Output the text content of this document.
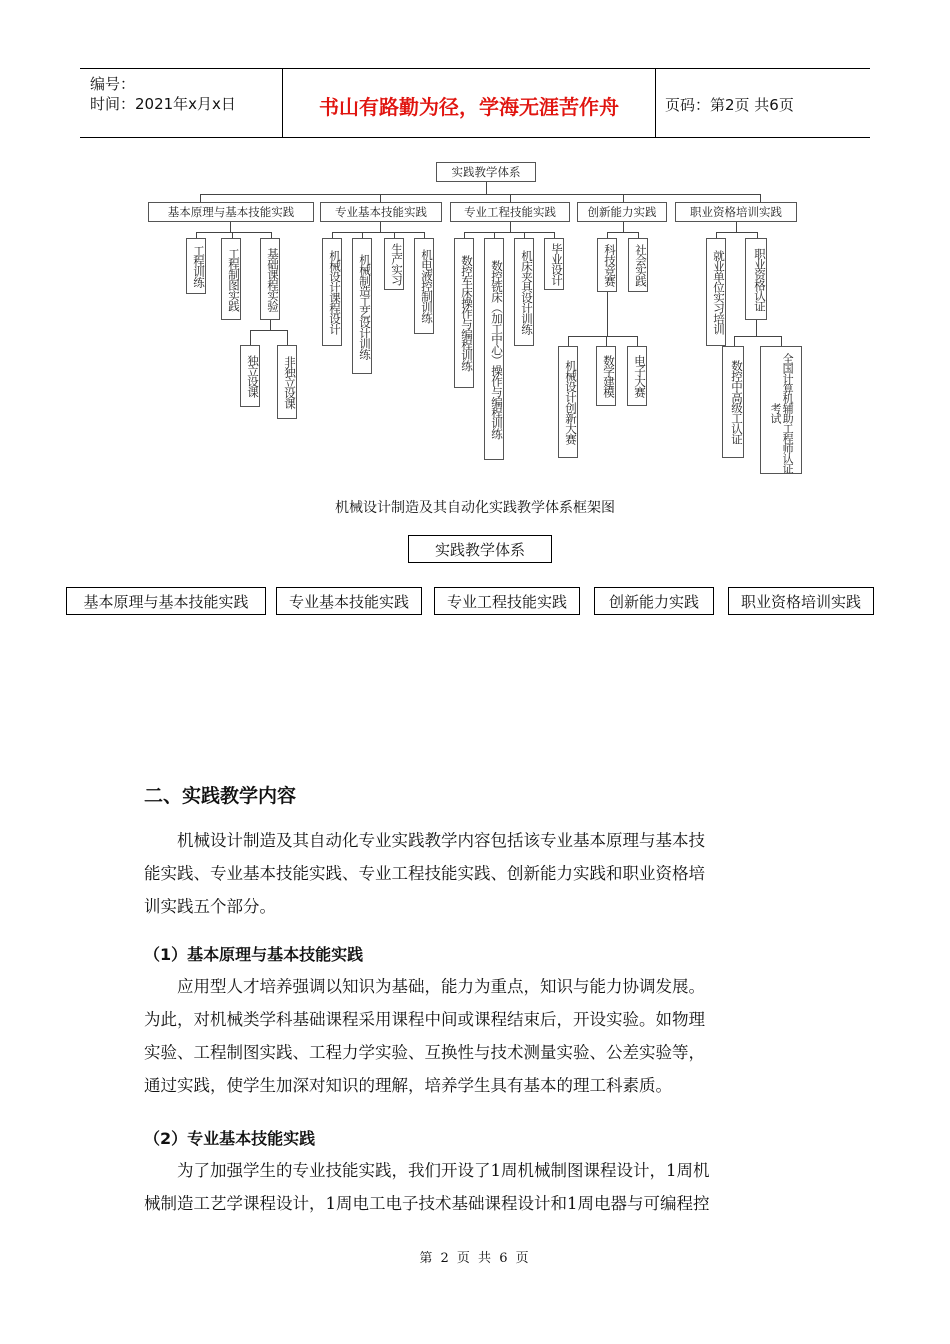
编号：
时间：2021年x月x日	书山有路勤为径，学海无涯苦作舟	页码：第2页 共6页
实践教学体系
基本原理与基本技能实践	专业基本技能实践	专业工程技能实践	创新能力实践	职业资格培训实践
工程训练	工程制图实践	基础课程实验
独立设课	非独立设课
机械设计课程设计	机械制造工艺设计训练	生产实习	机电液控制训练	数控车床操作与编程训练	数控铣床（加工中心）操作与编程训练	机床夹具设计训练	毕业设计	科技竞赛	社会实践
机械设计创新大赛	数学建模	电子大赛
就业单位实习培训	职业资格认证
数控中高级工认证	全国计算机辅助工程师认证考试
机械设计制造及其自动化实践教学体系框架图
实践教学体系
基本原理与基本技能实践	专业基本技能实践	专业工程技能实践	创新能力实践	职业资格培训实践
二、实践教学内容

机械设计制造及其自动化专业实践教学内容包括该专业基本原理与基本技

能实践、专业基本技能实践、专业工程技能实践、创新能力实践和职业资格培

训实践五个部分。

（1）基本原理与基本技能实践

应用型人才培养强调以知识为基础，能力为重点，知识与能力协调发展。

为此，对机械类学科基础课程采用课程中间或课程结束后，开设实验。如物理

实验、工程制图实践、工程力学实验、互换性与技术测量实验、公差实验等，

通过实践，使学生加深对知识的理解，培养学生具有基本的理工科素质。

（2）专业基本技能实践

为了加强学生的专业技能实践，我们开设了1周机械制图课程设计，1周机

械制造工艺学课程设计，1周电工电子技术基础课程设计和1周电器与可编程控

第 2 页 共 6 页
